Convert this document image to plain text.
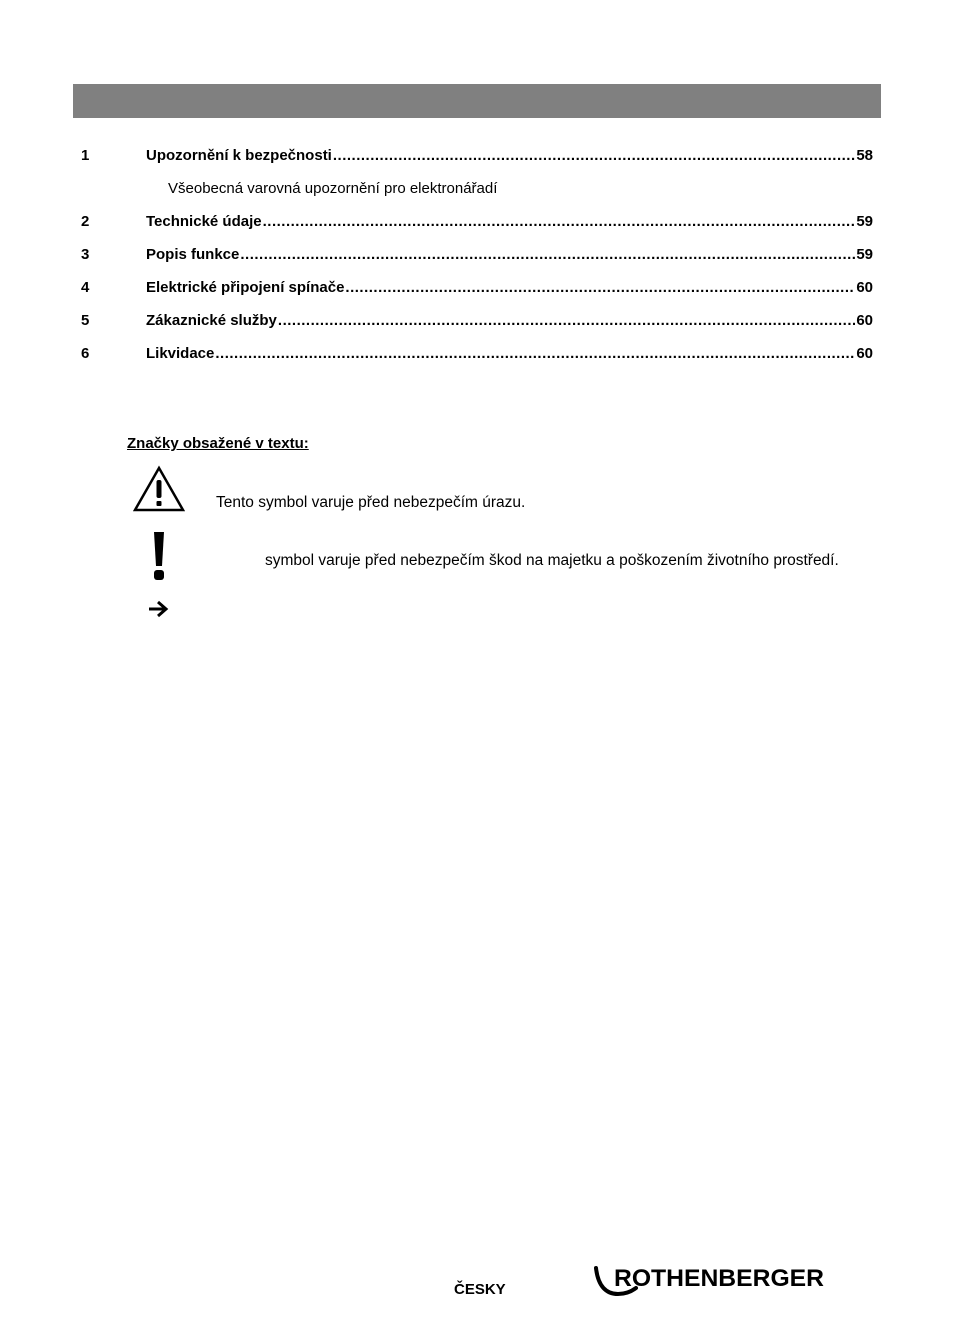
1	Upozornění k bezpečnosti .....	58
2	Technické údaje .....	59
3	Popis funkce .....	59
4	Elektrické připojení spínače .....	60
5	Zákaznické služby .....	60
6	Likvidace .....	60
Všeobecná varovná upozornění pro elektronářadí
Značky obsažené v textu:
Tento symbol varuje před nebezpečím úrazu.
symbol varuje před nebezpečím škod na majetku a poškozením životního prostředí.
ČESKY	ROTHENBERGER
